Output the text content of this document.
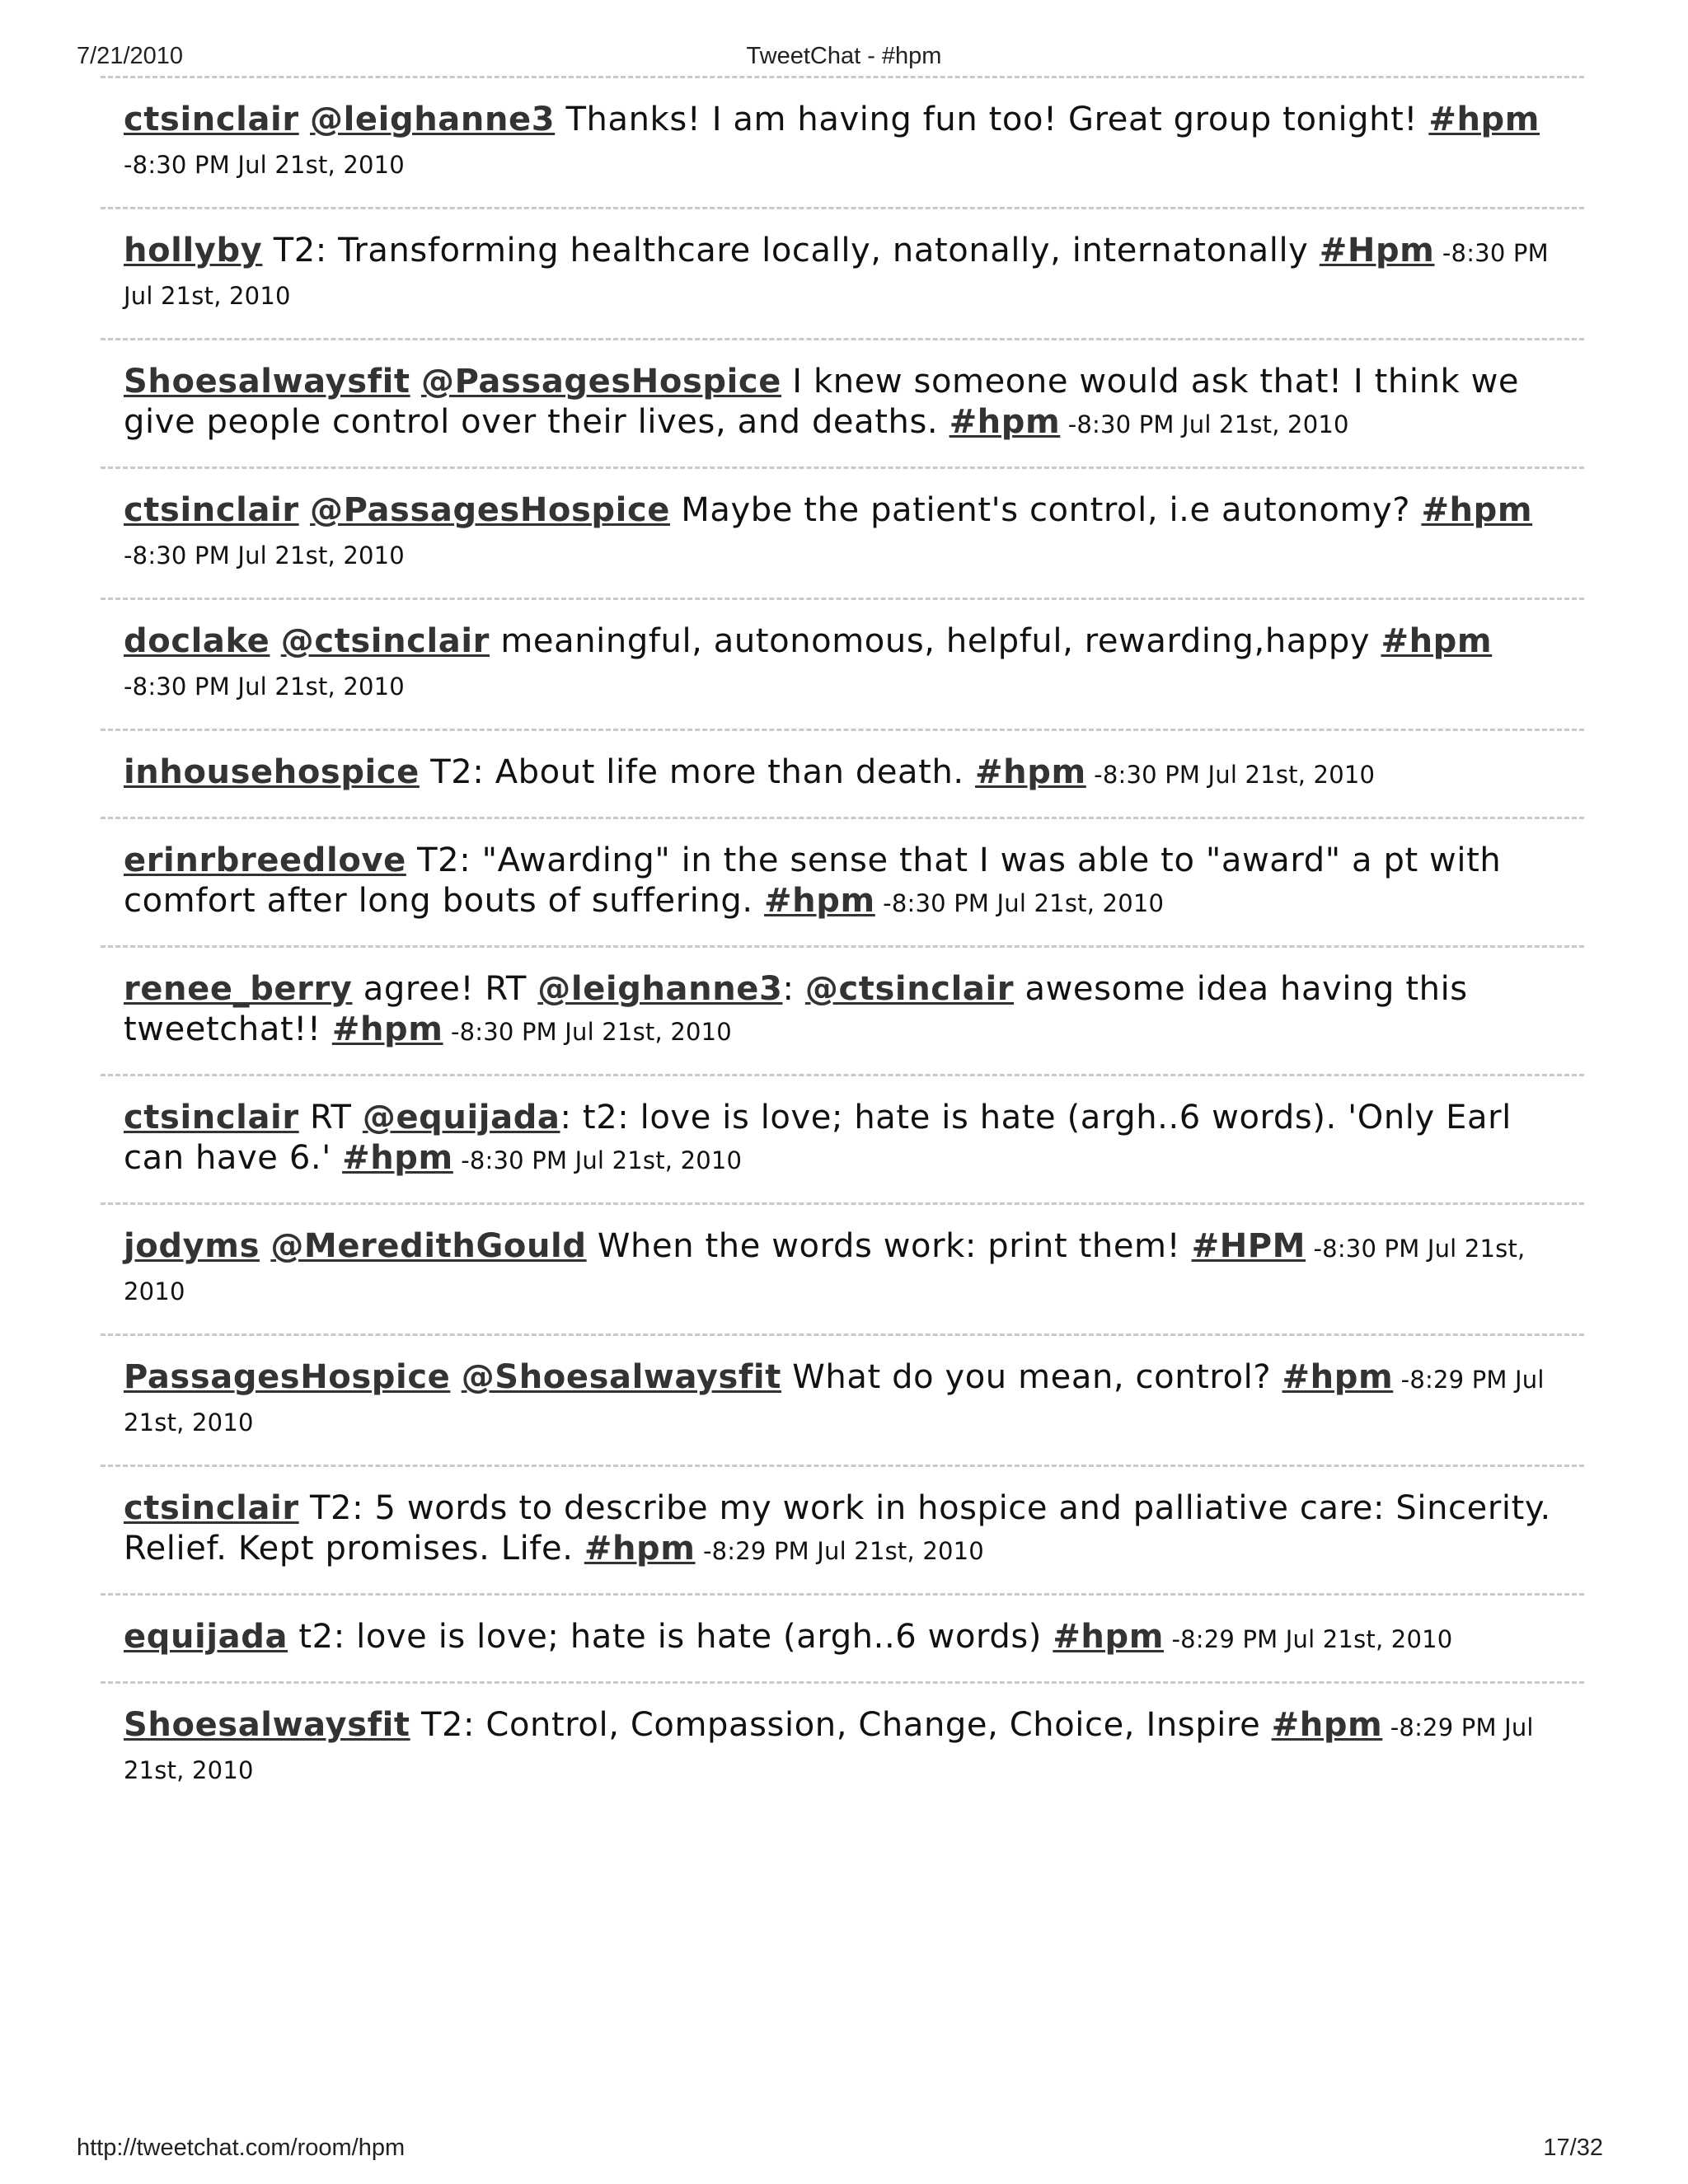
7/21/2010	TweetChat - #hpm
ctsinclair @leighanne3 Thanks! I am having fun too! Great group tonight! #hpm -8:30 PM Jul 21st, 2010
hollyby T2: Transforming healthcare locally, natonally, internatonally #Hpm -8:30 PM Jul 21st, 2010
Shoesalwaysfit @PassagesHospice I knew someone would ask that! I think we give people control over their lives, and deaths. #hpm -8:30 PM Jul 21st, 2010
ctsinclair @PassagesHospice Maybe the patient's control, i.e autonomy? #hpm -8:30 PM Jul 21st, 2010
doclake @ctsinclair meaningful, autonomous, helpful, rewarding,happy #hpm -8:30 PM Jul 21st, 2010
inhousehospice T2: About life more than death. #hpm -8:30 PM Jul 21st, 2010
erinrbreedlove T2: "Awarding" in the sense that I was able to "award" a pt with comfort after long bouts of suffering. #hpm -8:30 PM Jul 21st, 2010
renee_berry agree! RT @leighanne3: @ctsinclair awesome idea having this tweetchat!! #hpm -8:30 PM Jul 21st, 2010
ctsinclair RT @equijada: t2: love is love; hate is hate (argh..6 words). 'Only Earl can have 6.' #hpm -8:30 PM Jul 21st, 2010
jodyms @MeredithGould When the words work: print them! #HPM -8:30 PM Jul 21st, 2010
PassagesHospice @Shoesalwaysfit What do you mean, control? #hpm -8:29 PM Jul 21st, 2010
ctsinclair T2: 5 words to describe my work in hospice and palliative care: Sincerity. Relief. Kept promises. Life. #hpm -8:29 PM Jul 21st, 2010
equijada t2: love is love; hate is hate (argh..6 words) #hpm -8:29 PM Jul 21st, 2010
Shoesalwaysfit T2: Control, Compassion, Change, Choice, Inspire #hpm -8:29 PM Jul 21st, 2010
http://tweetchat.com/room/hpm	17/32
